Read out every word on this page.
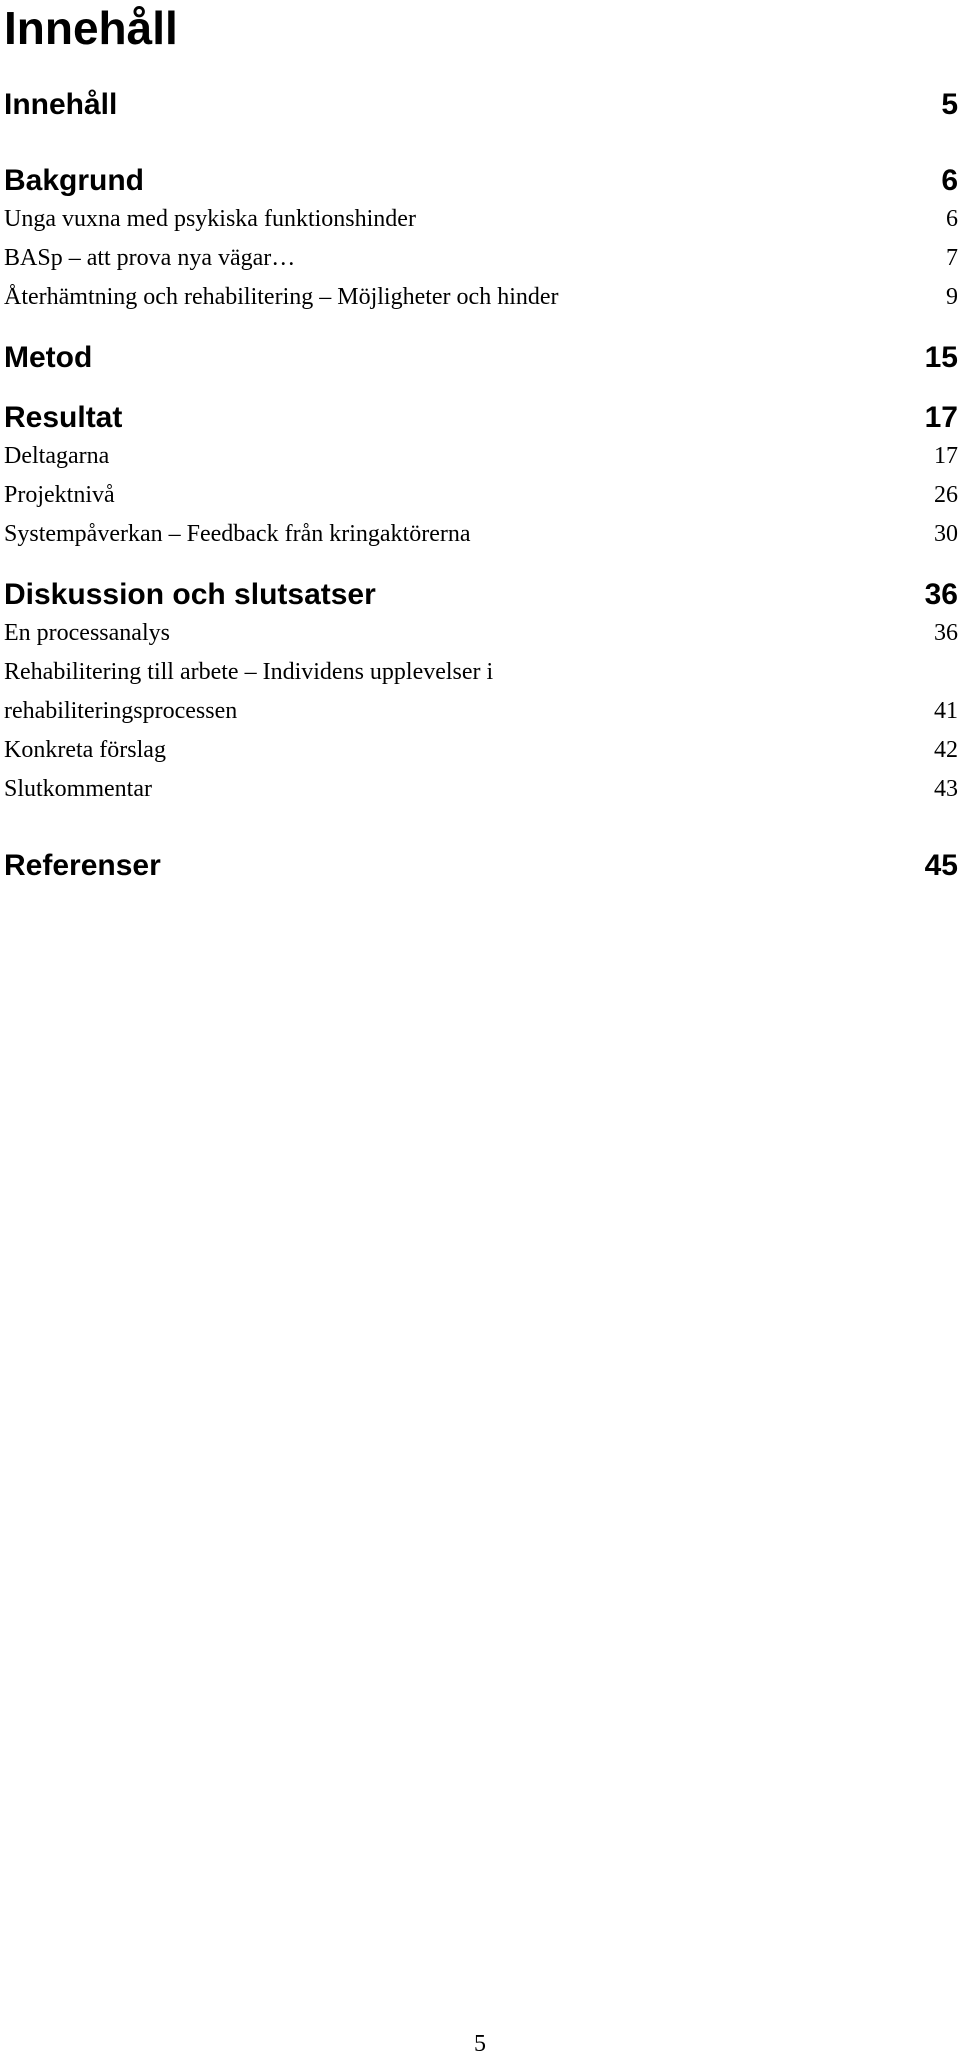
Innehåll
Innehåll	5
Bakgrund	6
Unga vuxna med psykiska funktionshinder	6
BASp – att prova nya vägar…	7
Återhämtning och rehabilitering – Möjligheter och hinder	9
Metod	15
Resultat	17
Deltagarna	17
Projektnivå	26
Systempåverkan – Feedback från kringaktörerna	30
Diskussion och slutsatser	36
En processanalys	36
Rehabilitering till arbete – Individens upplevelser i
rehabiliteringsprocessen	41
Konkreta förslag	42
Slutkommentar	43
Referenser	45
5
